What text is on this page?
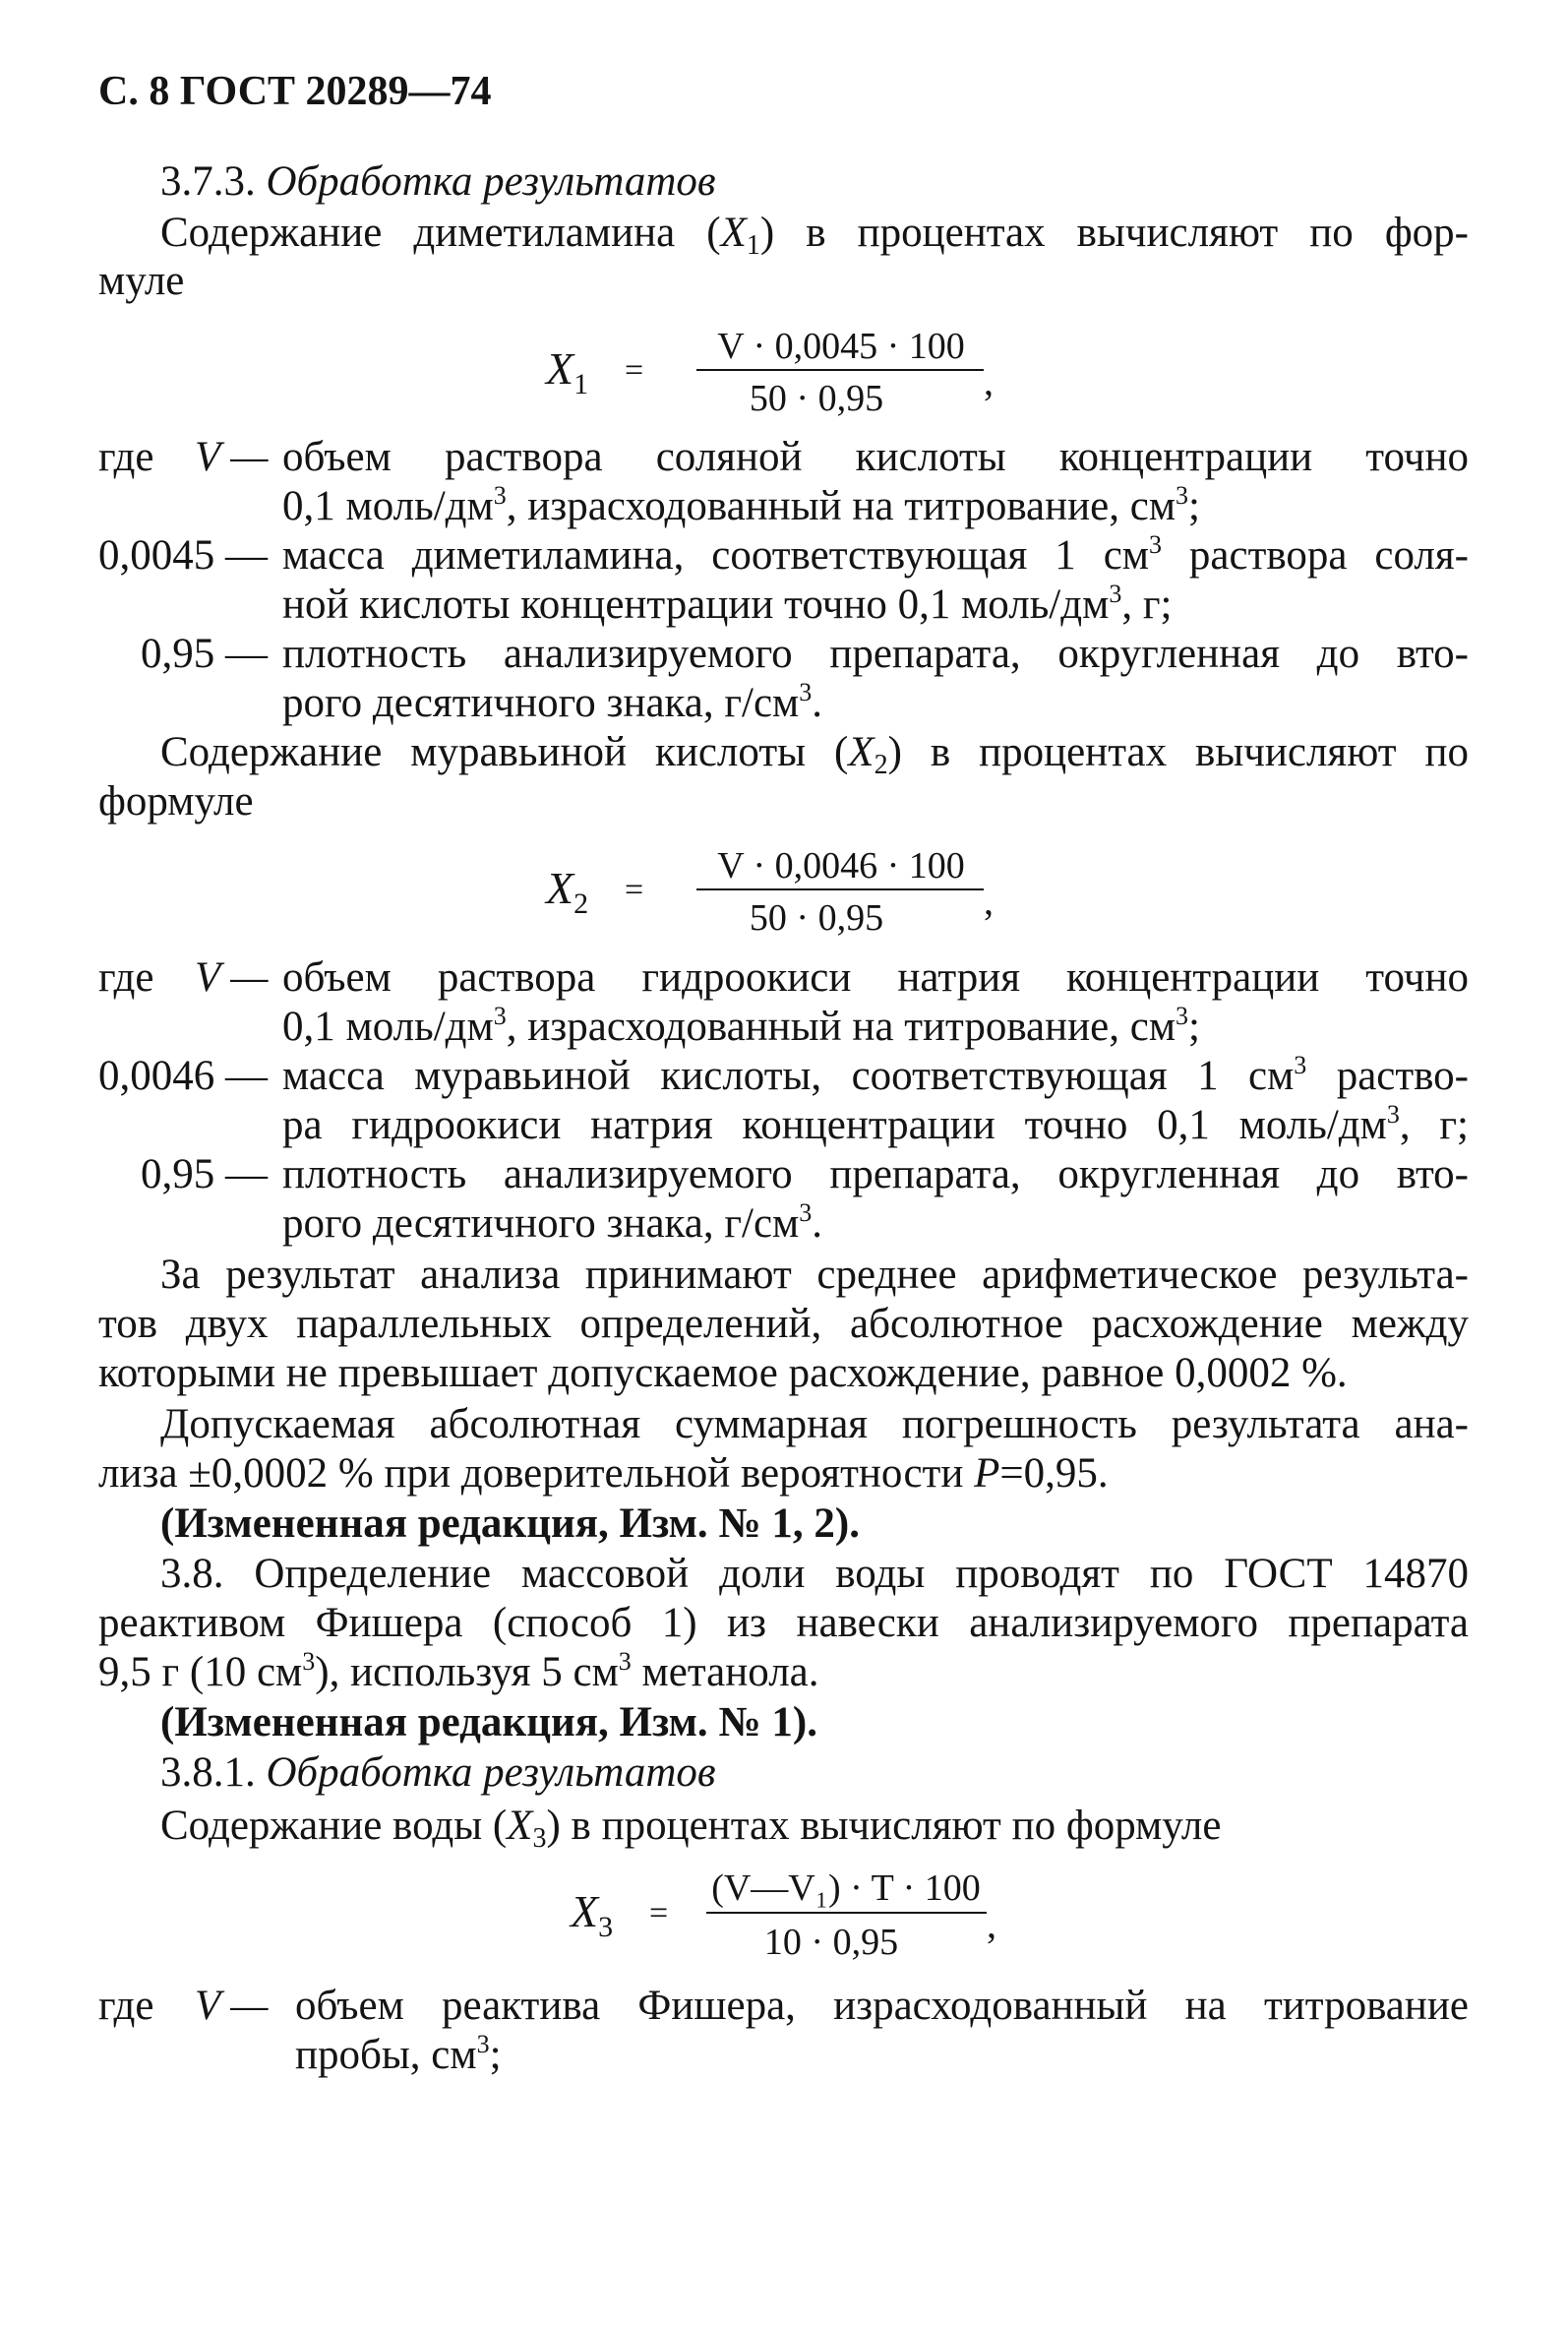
С. 8 ГОСТ 20289—74
3.7.3. Обработка результатов
Содержание диметиламина $(X_1)$ в процентах вычисляют по фор-
муле
$X_1$ =
V · 0,0045 · 100
50 · 0,95	,
где V — объем раствора соляной кислоты концентрации точно
0,1 моль/$дм^3$, израсходованный на титрование, $см^3$;
0,0045 — масса диметиламина, соответствующая 1 $см^3$ раствора соля-
ной кислоты концентрации точно 0,1 моль/$дм^3$, г;
0,95 — плотность анализируемого препарата, округленная до вто-
рого десятичного знака, $г/см^3$.
Содержание муравьиной кислоты $(X_2)$ в процентах вычисляют по
формуле
$X_2$ =
V · 0,0046 · 100
50 · 0,95	,
где V — объем раствора гидроокиси натрия концентрации точно
0,1 моль/$дм^3$, израсходованный на титрование, $см^3$;
0,0046 — масса муравьиной кислоты, соответствующая 1 $см^3$ раство-
ра гидроокиси натрия концентрации точно 0,1 моль/$дм^3$, г;
0,95 — плотность анализируемого препарата, округленная до вто-
рого десятичного знака, $г/см^3$.
За результат анализа принимают среднее арифметическое результа-
тов двух параллельных определений, абсолютное расхождение между
которыми не превышает допускаемое расхождение, равное 0,0002 %.
Допускаемая абсолютная суммарная погрешность результата ана-
лиза ±0,0002 % при доверительной вероятности P=0,95.
(Измененная редакция, Изм. № 1, 2).
3.8. Определение массовой доли воды проводят по ГОСТ 14870
реактивом Фишера (способ 1) из навески анализируемого препарата
9,5 г (10 $см^3$), используя 5 $см^3$ метанола.
(Измененная редакция, Изм. № 1).
3.8.1. Обработка результатов
Содержание воды $(X_3)$ в процентах вычисляют по формуле
$X_3$ =
(V—V₁) · T · 100
10 · 0,95	,
где V — объем реактива Фишера, израсходованный на титрование
пробы, $см^3$;
